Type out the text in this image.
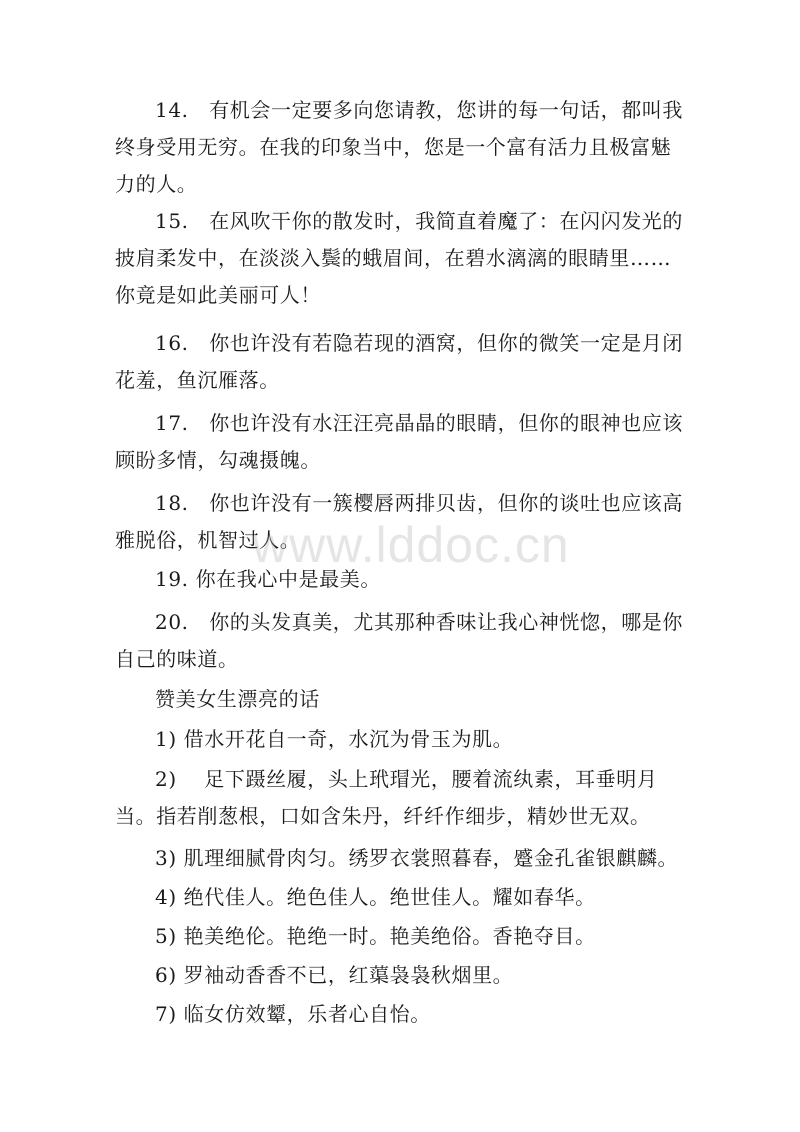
14.　有机会一定要多向您请教，您讲的每一句话，都叫我终身受用无穷。在我的印象当中，您是一个富有活力且极富魅力的人。

15.　在风吹干你的散发时，我简直着魔了：在闪闪发光的披肩柔发中，在淡淡入鬓的蛾眉间，在碧水漓漓的眼睛里……你竟是如此美丽可人！

16.　你也许没有若隐若现的酒窝，但你的微笑一定是月闭花羞，鱼沉雁落。

17.　你也许没有水汪汪亮晶晶的眼睛，但你的眼神也应该顾盼多情，勾魂摄魄。

18.　你也许没有一簇樱唇两排贝齿，但你的谈吐也应该高雅脱俗，机智过人。

19. 你在我心中是最美。

20.　你的头发真美，尤其那种香味让我心神恍惚，哪是你自己的味道。

赞美女生漂亮的话

1) 借水开花自一奇，水沉为骨玉为肌。

2)　 足下蹑丝履，头上玳瑁光，腰着流纨素，耳垂明月当。指若削葱根，口如含朱丹，纤纤作细步，精妙世无双。

3) 肌理细腻骨肉匀。绣罗衣裳照暮春，蹙金孔雀银麒麟。

4) 绝代佳人。绝色佳人。绝世佳人。耀如春华。

5) 艳美绝伦。艳绝一时。艳美绝俗。香艳夺目。

6) 罗袖动香香不已，红蕖袅袅秋烟里。

7) 临女仿效颦，乐者心自怡。

www.lddoc.cn
